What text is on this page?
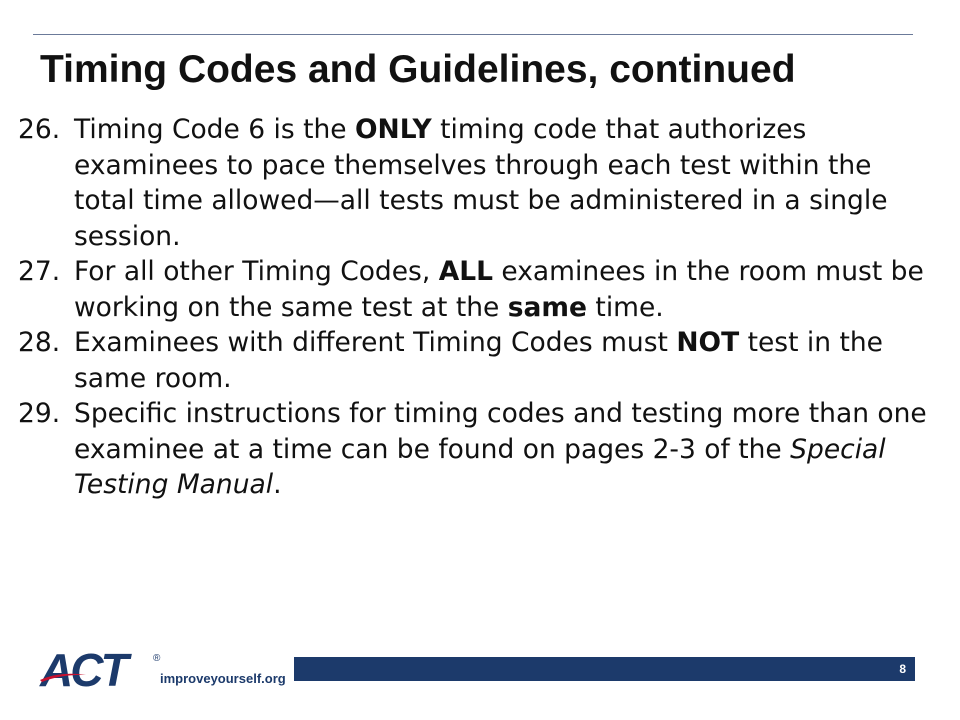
Timing Codes and Guidelines, continued
26. Timing Code 6 is the ONLY timing code that authorizes examinees to pace themselves through each test within the total time allowed—all tests must be administered in a single session.
27. For all other Timing Codes, ALL examinees in the room must be working on the same test at the same time.
28. Examinees with different Timing Codes must NOT test in the same room.
29. Specific instructions for timing codes and testing more than one examinee at a time can be found on pages 2-3 of the Special Testing Manual.
ACT	®
improveyourself.org
8
